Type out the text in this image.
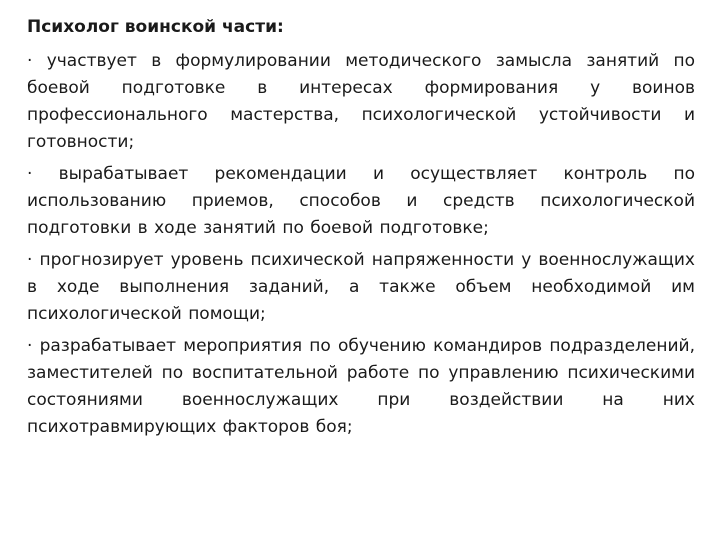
Психолог воинской части:
· участвует в формулировании методического замысла занятий по боевой подготовке в интересах формирования у воинов профессионального мастерства, психологической устойчивости и готовности;
· вырабатывает рекомендации и осуществляет контроль по использованию приемов, способов и средств психологической подготовки в ходе занятий по боевой подготовке;
· прогнозирует уровень психической напряженности у военнослужащих в ходе выполнения заданий, а также объем необходимой им психологической помощи;
· разрабатывает мероприятия по обучению командиров подразделений, заместителей по воспитательной работе по управлению психическими состояниями военнослужащих при воздействии на них психотравмирующих факторов боя;
